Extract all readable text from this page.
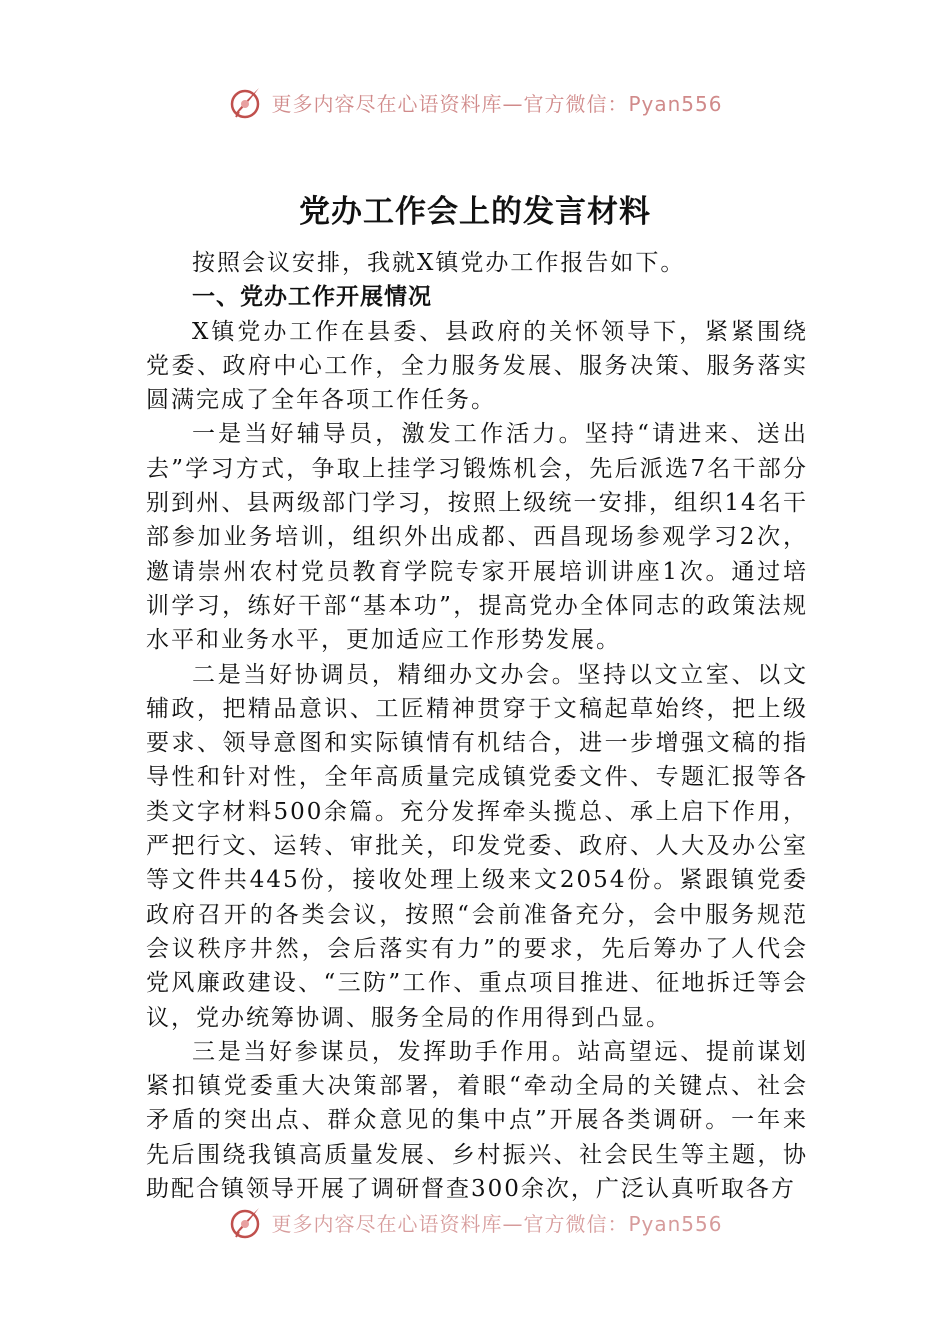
更多内容尽在心语资料库—官方微信：Pyan556
党办工作会上的发言材料

按照会议安排，我就X镇党办工作报告如下。

一、党办工作开展情况

X镇党办工作在县委、县政府的关怀领导下，紧紧围绕党委、政府中心工作，全力服务发展、服务决策、服务落实圆满完成了全年各项工作任务。

一是当好辅导员，激发工作活力。坚持“请进来、送出去”学习方式，争取上挂学习锻炼机会，先后派选7名干部分别到州、县两级部门学习，按照上级统一安排，组织14名干部参加业务培训，组织外出成都、西昌现场参观学习2次，邀请崇州农村党员教育学院专家开展培训讲座1次。通过培训学习，练好干部“基本功”，提高党办全体同志的政策法规水平和业务水平，更加适应工作形势发展。

二是当好协调员，精细办文办会。坚持以文立室、以文辅政，把精品意识、工匠精神贯穿于文稿起草始终，把上级要求、领导意图和实际镇情有机结合，进一步增强文稿的指导性和针对性，全年高质量完成镇党委文件、专题汇报等各类文字材料500余篇。充分发挥牵头揽总、承上启下作用，严把行文、运转、审批关，印发党委、政府、人大及办公室等文件共445份，接收处理上级来文2054份。紧跟镇党委政府召开的各类会议，按照“会前准备充分，会中服务规范会议秩序井然，会后落实有力”的要求，先后筹办了人代会党风廉政建设、“三防”工作、重点项目推进、征地拆迁等会议，党办统筹协调、服务全局的作用得到凸显。

三是当好参谋员，发挥助手作用。站高望远、提前谋划紧扣镇党委重大决策部署，着眼“牵动全局的关键点、社会矛盾的突出点、群众意见的集中点”开展各类调研。一年来先后围绕我镇高质量发展、乡村振兴、社会民生等主题，协助配合镇领导开展了调研督查300余次，广泛认真听取各方

更多内容尽在心语资料库—官方微信：Pyan556
